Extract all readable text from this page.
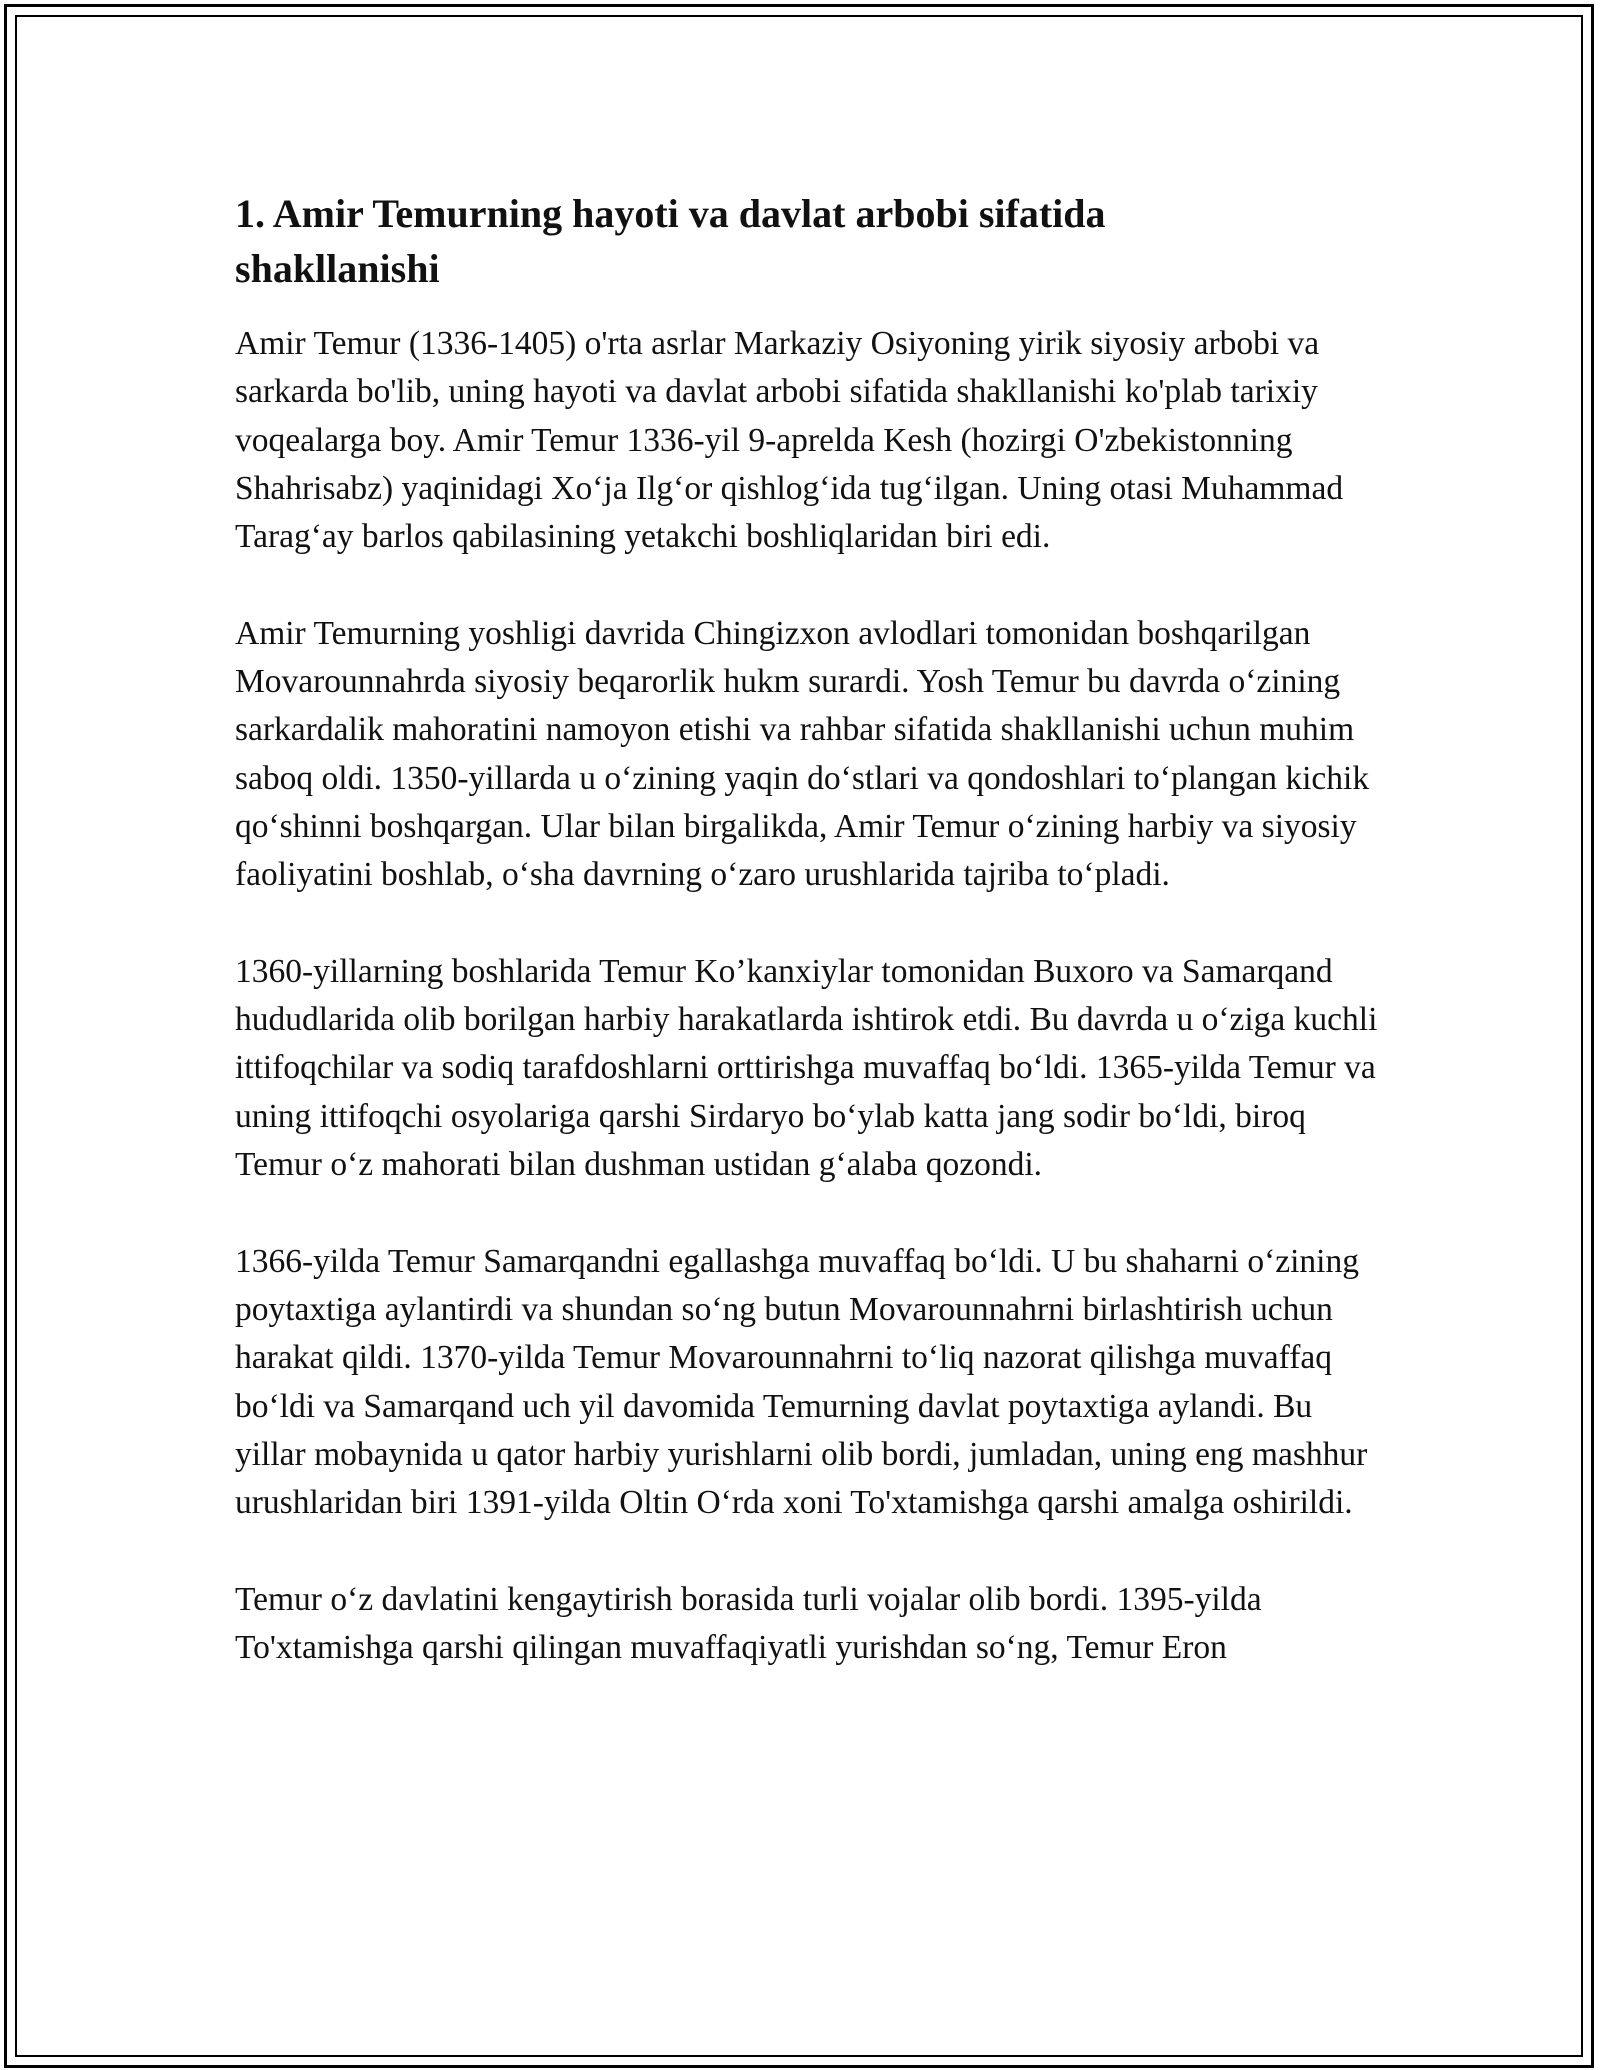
1. Amir Temurning hayoti va davlat arbobi sifatida shakllanishi

Amir Temur (1336-1405) o'rta asrlar Markaziy Osiyoning yirik siyosiy arbobi va sarkarda bo'lib, uning hayoti va davlat arbobi sifatida shakllanishi ko'plab tarixiy voqealarga boy. Amir Temur 1336-yil 9-aprelda Kesh (hozirgi O'zbekistonning Shahrisabz) yaqinidagi Xo‘ja Ilg‘or qishlog‘ida tug‘ilgan. Uning otasi Muhammad Tarag‘ay barlos qabilasining yetakchi boshliqlaridan biri edi.

Amir Temurning yoshligi davrida Chingizxon avlodlari tomonidan boshqarilgan Movarounnahrda siyosiy beqarorlik hukm surardi. Yosh Temur bu davrda o‘zining sarkardalik mahoratini namoyon etishi va rahbar sifatida shakllanishi uchun muhim saboq oldi. 1350-yillarda u o‘zining yaqin do‘stlari va qondoshlari to‘plangan kichik qo‘shinni boshqargan. Ular bilan birgalikda, Amir Temur o‘zining harbiy va siyosiy faoliyatini boshlab, o‘sha davrning o‘zaro urushlarida tajriba to‘pladi.

1360-yillarning boshlarida Temur Ko’kanxiylar tomonidan Buxoro va Samarqand hududlarida olib borilgan harbiy harakatlarda ishtirok etdi. Bu davrda u o‘ziga kuchli ittifoqchilar va sodiq tarafdoshlarni orttirishga muvaffaq bo‘ldi. 1365-yilda Temur va uning ittifoqchi osyolariga qarshi Sirdaryo bo‘ylab katta jang sodir bo‘ldi, biroq Temur o‘z mahorati bilan dushman ustidan g‘alaba qozondi.

1366-yilda Temur Samarqandni egallashga muvaffaq bo‘ldi. U bu shaharni o‘zining poytaxtiga aylantirdi va shundan so‘ng butun Movarounnahrni birlashtirish uchun harakat qildi. 1370-yilda Temur Movarounnahrni to‘liq nazorat qilishga muvaffaq bo‘ldi va Samarqand uch yil davomida Temurning davlat poytaxtiga aylandi. Bu yillar mobaynida u qator harbiy yurishlarni olib bordi, jumladan, uning eng mashhur urushlaridan biri 1391-yilda Oltin O‘rda xoni To'xtamishga qarshi amalga oshirildi.

Temur o‘z davlatini kengaytirish borasida turli vojalar olib bordi. 1395-yilda To'xtamishga qarshi qilingan muvaffaqiyatli yurishdan so‘ng, Temur Eron
